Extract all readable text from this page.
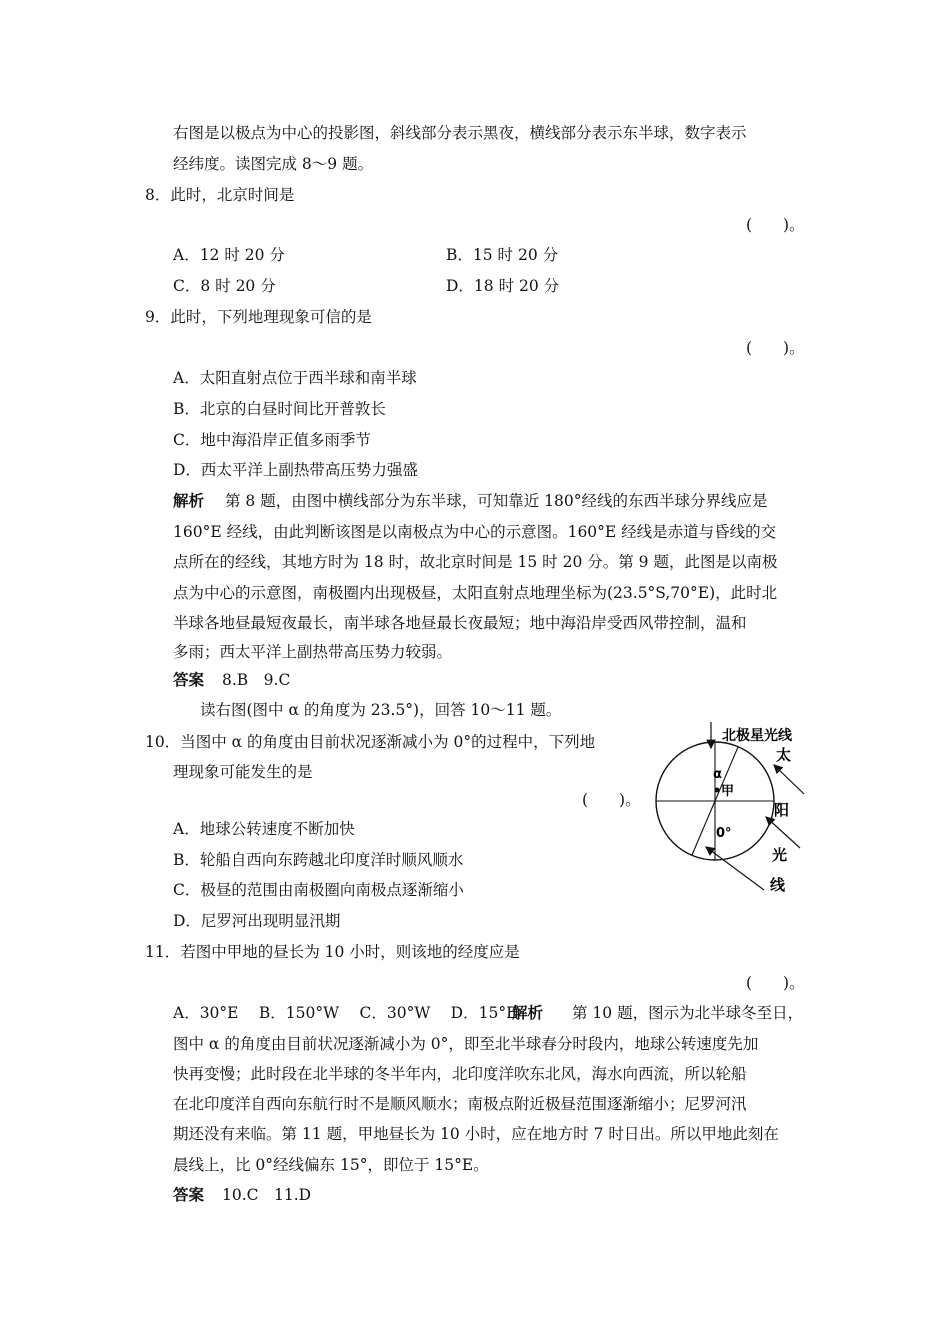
右图是以极点为中心的投影图，斜线部分表示黑夜，横线部分表示东半球，数字表示
经纬度。读图完成 8～9 题。
8．此时，北京时间是
(　　)。
A．12 时 20 分	B．15 时 20 分
C．8 时 20 分	D．18 时 20 分
9．此时，下列地理现象可信的是
(　　)。
A．太阳直射点位于西半球和南半球
B．北京的白昼时间比开普敦长
C．地中海沿岸正值多雨季节
D．西太平洋上副热带高压势力强盛
解析 第 8 题，由图中横线部分为东半球，可知靠近 180°经线的东西半球分界线应是
160°E 经线，由此判断该图是以南极点为中心的示意图。160°E 经线是赤道与昏线的交
点所在的经线，其地方时为 18 时，故北京时间是 15 时 20 分。第 9 题，此图是以南极
点为中心的示意图，南极圈内出现极昼，太阳直射点地理坐标为(23.5°S,70°E)，此时北
半球各地昼最短夜最长，南半球各地昼最长夜最短；地中海沿岸受西风带控制，温和
多雨；西太平洋上副热带高压势力较弱。
答案 8.B　9.C
读右图(图中 α 的角度为 23.5°)，回答 10～11 题。
10．当图中 α 的角度由目前状况逐渐减小为 0°的过程中，下列地
理现象可能发生的是
(　　)。
A．地球公转速度不断加快
B．轮船自西向东跨越北印度洋时顺风顺水
C．极昼的范围由南极圈向南极点逐渐缩小
D．尼罗河出现明显汛期
北极星光线
太
阳
光
线
α
甲
0°
11．若图中甲地的昼长为 10 小时，则该地的经度应是
(　　)。
A．30°E　 B．150°W　 C．30°W　 D．15°E
解析 第 10 题，图示为北半球冬至日，
图中 α 的角度由目前状况逐渐减小为 0°，即至北半球春分时段内，地球公转速度先加
快再变慢；此时段在北半球的冬半年内，北印度洋吹东北风，海水向西流，所以轮船
在北印度洋自西向东航行时不是顺风顺水；南极点附近极昼范围逐渐缩小；尼罗河汛
期还没有来临。第 11 题，甲地昼长为 10 小时，应在地方时 7 时日出。所以甲地此刻在
晨线上，比 0°经线偏东 15°，即位于 15°E。
答案 10.C　11.D
